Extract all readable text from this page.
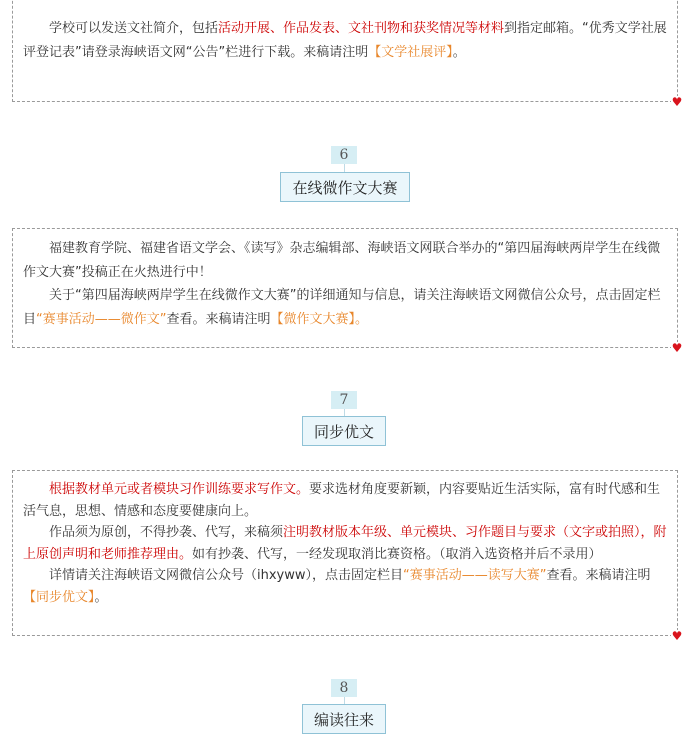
学校可以发送文社简介，包括活动开展、作品发表、文社刊物和获奖情况等材料到指定邮箱。“优秀文学社展评登记表”请登录海峡语文网“公告”栏进行下载。来稿请注明【文学社展评】。

♥
6
在线微作文大赛

福建教育学院、福建省语文学会、《读写》杂志编辑部、海峡语文网联合举办的“第四届海峡两岸学生在线微作文大赛”投稿正在火热进行中！

关于“第四届海峡两岸学生在线微作文大赛”的详细通知与信息，请关注海峡语文网微信公众号，点击固定栏目“赛事活动——微作文”查看。来稿请注明【微作文大赛】。

♥
7
同步优文

根据教材单元或者模块习作训练要求写作文。要求选材角度要新颖，内容要贴近生活实际，富有时代感和生活气息，思想、情感和态度要健康向上。

作品须为原创，不得抄袭、代写，来稿须注明教材版本年级、单元模块、习作题目与要求（文字或拍照），附上原创声明和老师推荐理由。如有抄袭、代写，一经发现取消比赛资格。（取消入选资格并后不录用）

详情请关注海峡语文网微信公众号（ihxyww），点击固定栏目“赛事活动——读写大赛”查看。来稿请注明【同步优文】。

♥
8
编读往来
